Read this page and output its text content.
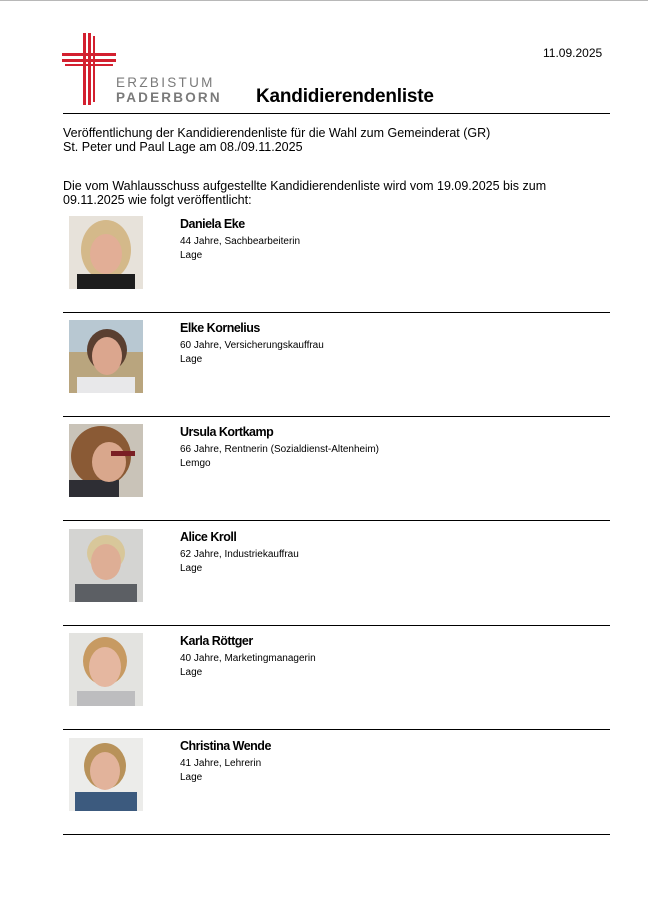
ERZBISTUM
PADERBORN
11.09.2025
Kandidierendenliste
Veröffentlichung der Kandidierendenliste für die Wahl zum Gemeinderat (GR)
St. Peter und Paul Lage am 08./09.11.2025
Die vom Wahlausschuss aufgestellte Kandidierendenliste wird vom 19.09.2025 bis zum 09.11.2025 wie folgt veröffentlicht:
Daniela Eke
44 Jahre, Sachbearbeiterin
Lage
Elke Kornelius
60 Jahre, Versicherungskauffrau
Lage
Ursula Kortkamp
66 Jahre, Rentnerin (Sozialdienst-Altenheim)
Lemgo
Alice Kroll
62 Jahre, Industriekauffrau
Lage
Karla Röttger
40 Jahre, Marketingmanagerin
Lage
Christina Wende
41 Jahre, Lehrerin
Lage
